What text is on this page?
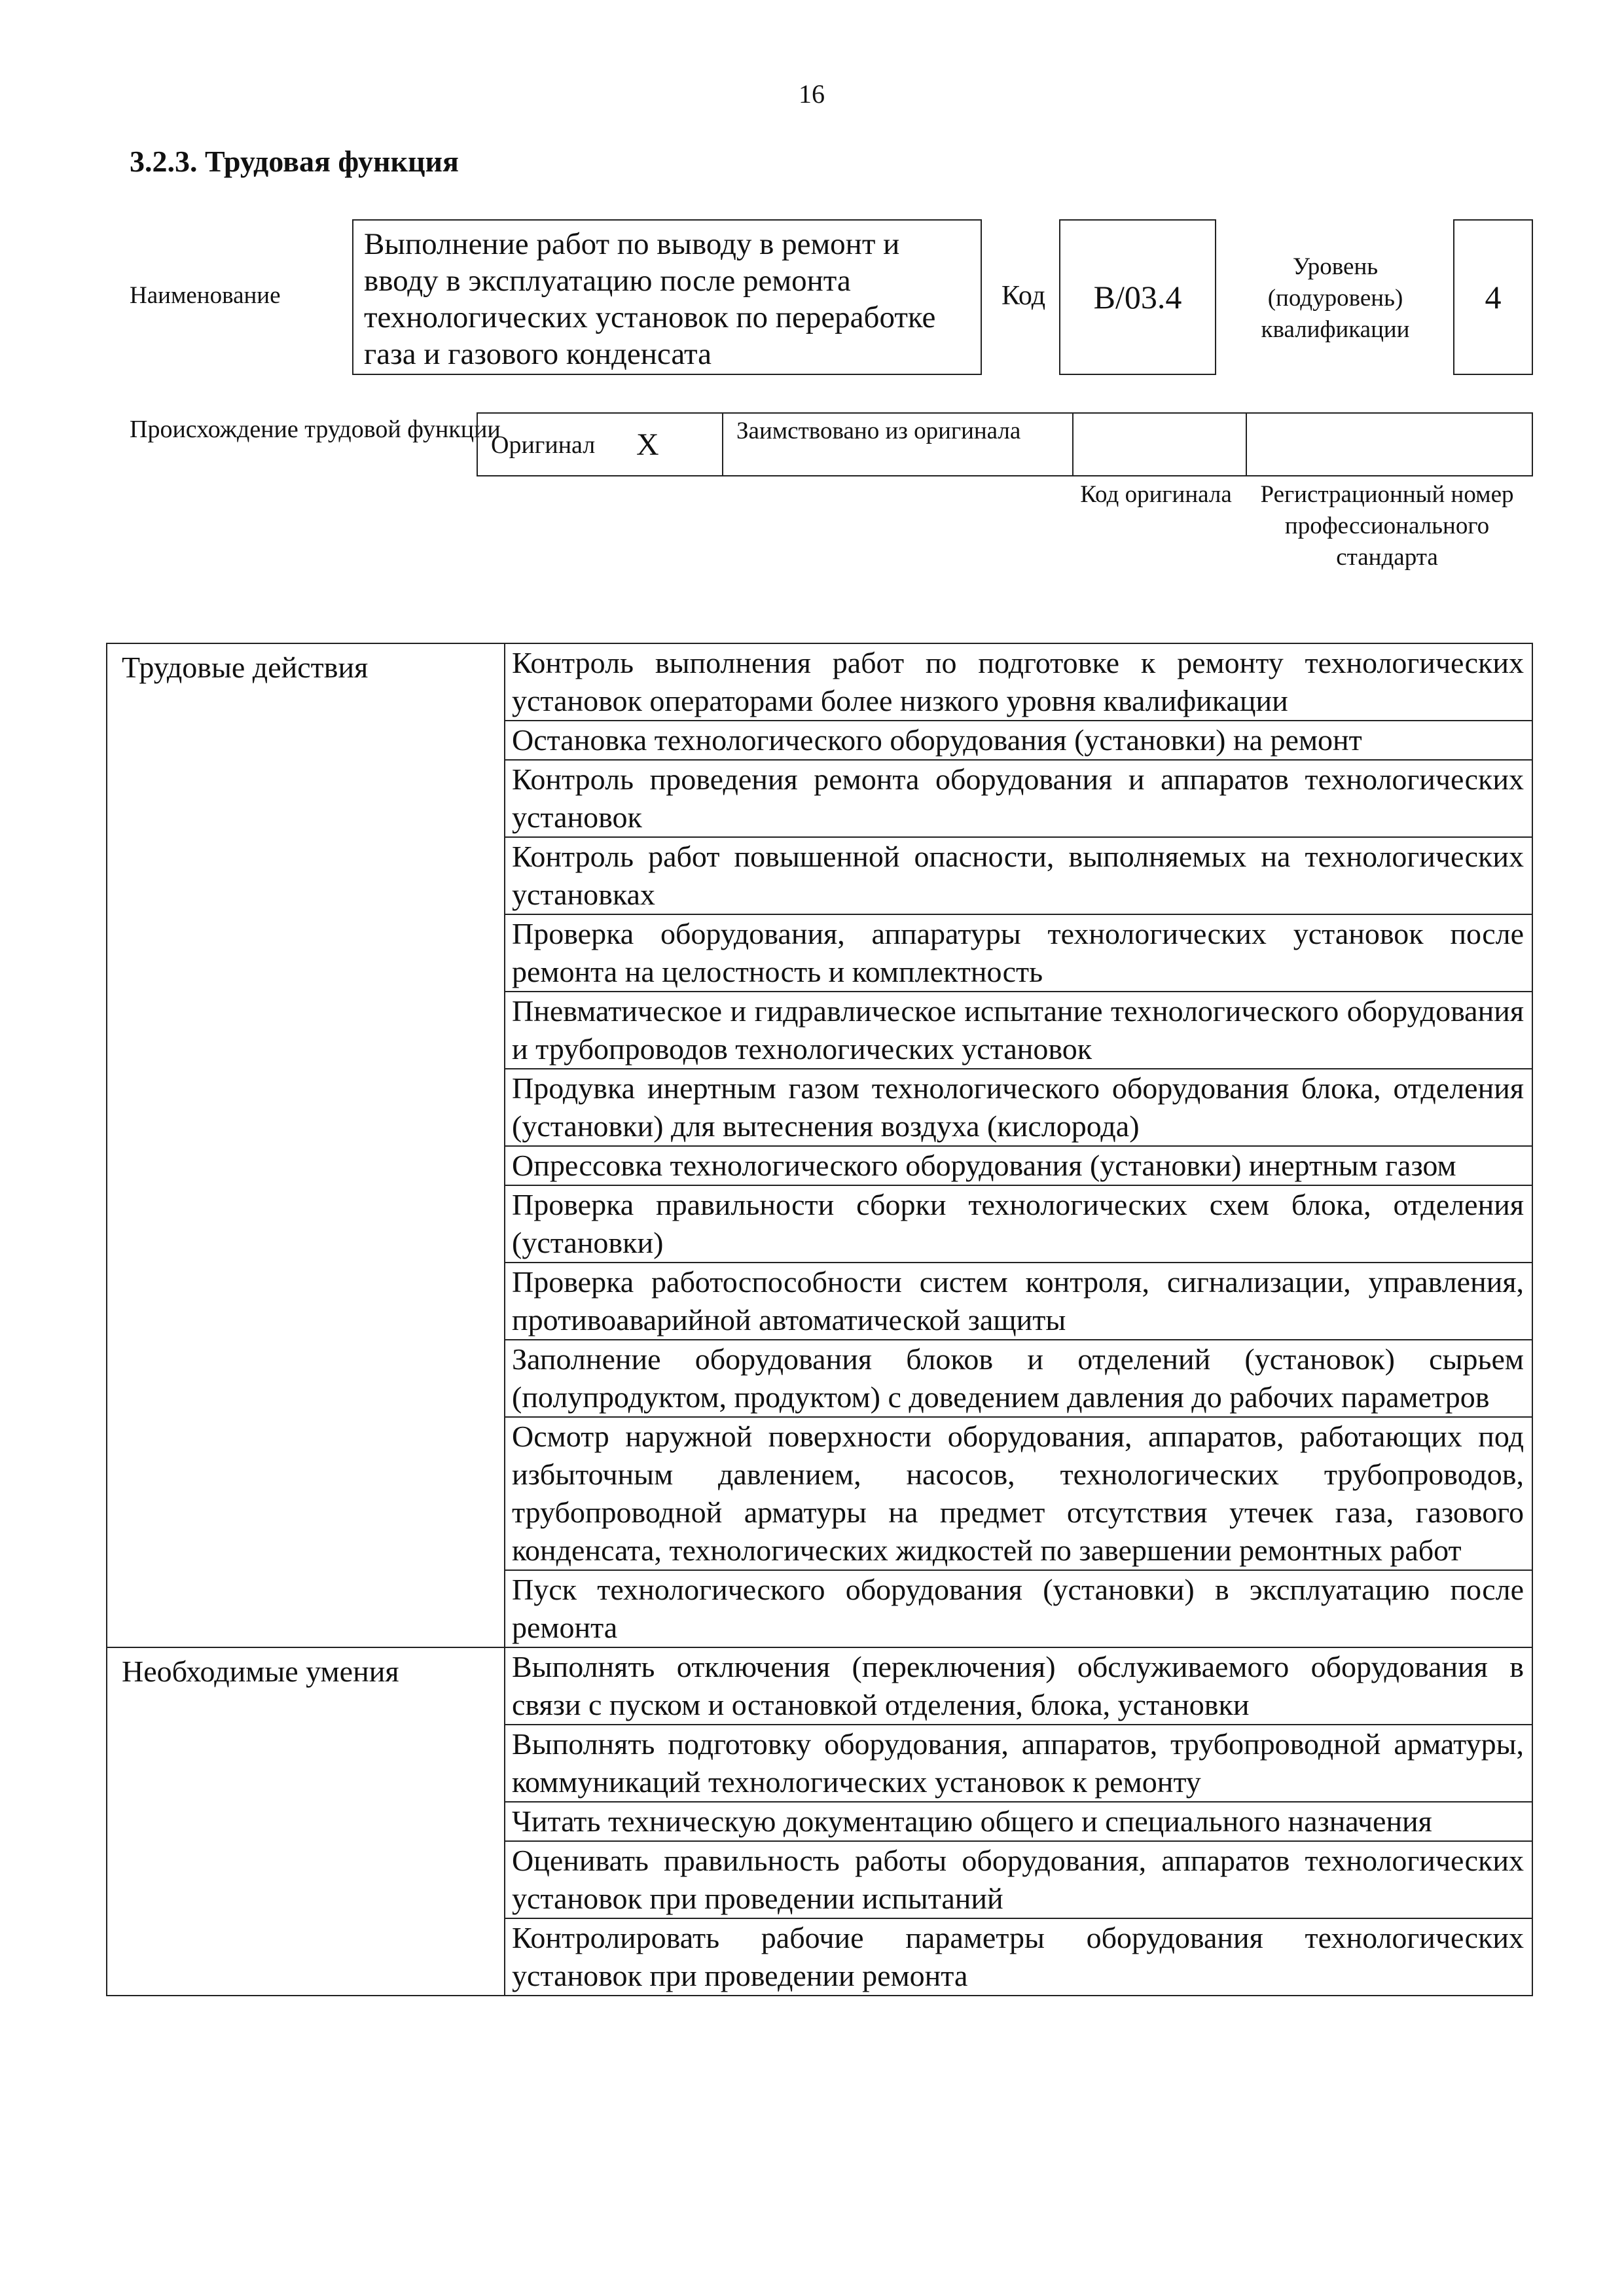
16
3.2.3. Трудовая функция
Наименование
Выполнение работ по выводу в ремонт и вводу в эксплуатацию после ремонта технологических установок по переработке газа и газового конденсата
Код В/03.4
Уровень (подуровень) квалификации
4
Происхождение трудовой функции
Оригинал X	Заимствовано из оригинала
Код оригинала	Регистрационный номер профессионального стандарта
Трудовые действия	Контроль выполнения работ по подготовке к ремонту технологических установок операторами более низкого уровня квалификации
	Остановка технологического оборудования (установки) на ремонт
	Контроль проведения ремонта оборудования и аппаратов технологических установок
	Контроль работ повышенной опасности, выполняемых на технологических установках
	Проверка оборудования, аппаратуры технологических установок после ремонта на целостность и комплектность
	Пневматическое и гидравлическое испытание технологического оборудования и трубопроводов технологических установок
	Продувка инертным газом технологического оборудования блока, отделения (установки) для вытеснения воздуха (кислорода)
	Опрессовка технологического оборудования (установки) инертным газом
	Проверка правильности сборки технологических схем блока, отделения (установки)
	Проверка работоспособности систем контроля, сигнализации, управления, противоаварийной автоматической защиты
	Заполнение оборудования блоков и отделений (установок) сырьем (полупродуктом, продуктом) с доведением давления до рабочих параметров
	Осмотр наружной поверхности оборудования, аппаратов, работающих под избыточным давлением, насосов, технологических трубопроводов, трубопроводной арматуры на предмет отсутствия утечек газа, газового конденсата, технологических жидкостей по завершении ремонтных работ
	Пуск технологического оборудования (установки) в эксплуатацию после ремонта
Необходимые умения	Выполнять отключения (переключения) обслуживаемого оборудования в связи с пуском и остановкой отделения, блока, установки
	Выполнять подготовку оборудования, аппаратов, трубопроводной арматуры, коммуникаций технологических установок к ремонту
	Читать техническую документацию общего и специального назначения
	Оценивать правильность работы оборудования, аппаратов технологических установок при проведении испытаний
	Контролировать рабочие параметры оборудования технологических установок при проведении ремонта
